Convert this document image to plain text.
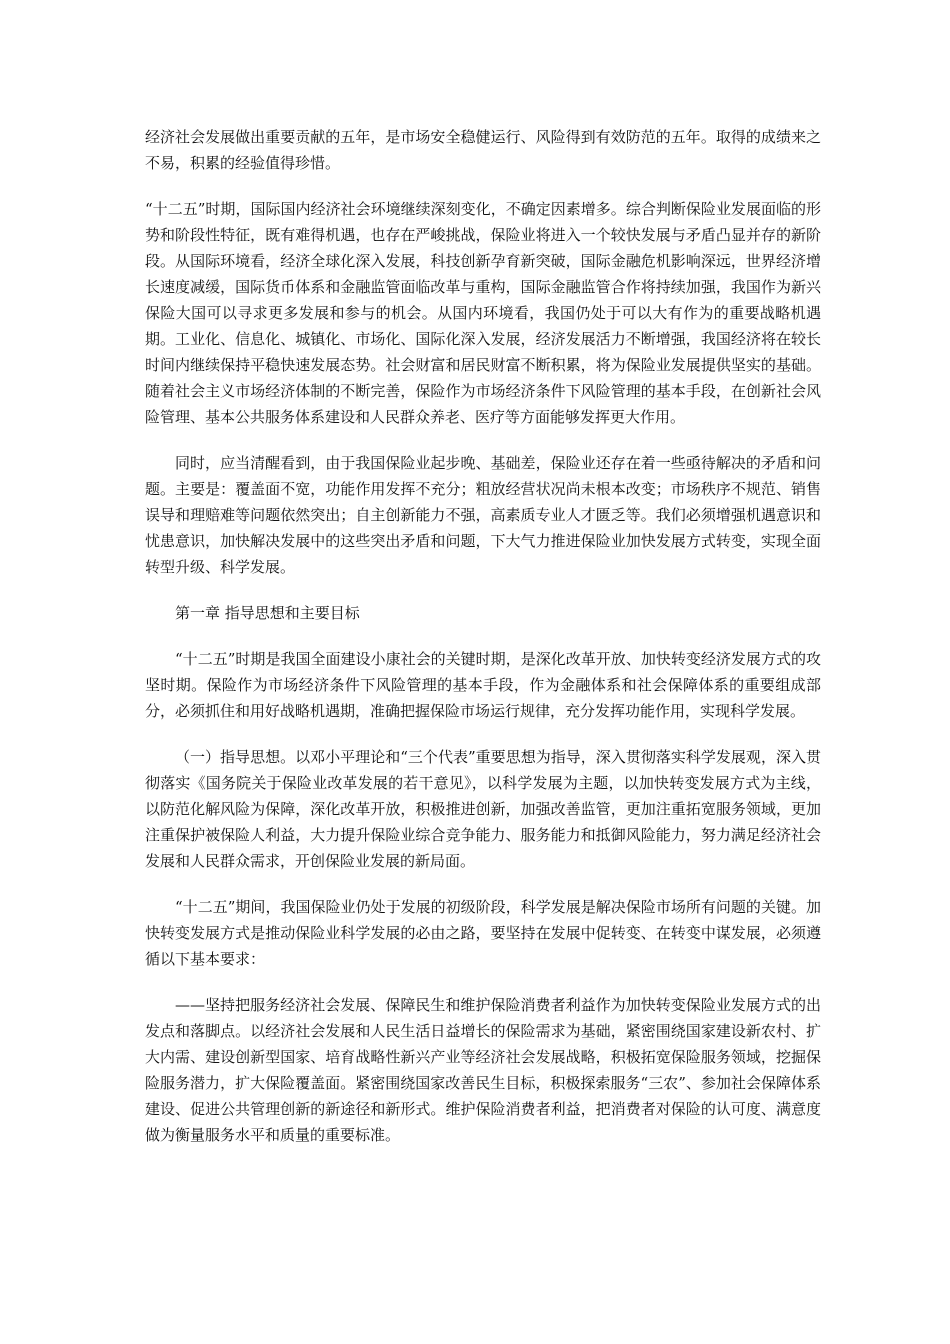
经济社会发展做出重要贡献的五年，是市场安全稳健运行、风险得到有效防范的五年。取得的成绩来之不易，积累的经验值得珍惜。

“十二五”时期，国际国内经济社会环境继续深刻变化，不确定因素增多。综合判断保险业发展面临的形势和阶段性特征，既有难得机遇，也存在严峻挑战，保险业将进入一个较快发展与矛盾凸显并存的新阶段。从国际环境看，经济全球化深入发展，科技创新孕育新突破，国际金融危机影响深远，世界经济增长速度减缓，国际货币体系和金融监管面临改革与重构，国际金融监管合作将持续加强，我国作为新兴保险大国可以寻求更多发展和参与的机会。从国内环境看，我国仍处于可以大有作为的重要战略机遇期。工业化、信息化、城镇化、市场化、国际化深入发展，经济发展活力不断增强，我国经济将在较长时间内继续保持平稳快速发展态势。社会财富和居民财富不断积累，将为保险业发展提供坚实的基础。随着社会主义市场经济体制的不断完善，保险作为市场经济条件下风险管理的基本手段，在创新社会风险管理、基本公共服务体系建设和人民群众养老、医疗等方面能够发挥更大作用。

同时，应当清醒看到，由于我国保险业起步晚、基础差，保险业还存在着一些亟待解决的矛盾和问题。主要是：覆盖面不宽，功能作用发挥不充分；粗放经营状况尚未根本改变；市场秩序不规范、销售误导和理赔难等问题依然突出；自主创新能力不强，高素质专业人才匮乏等。我们必须增强机遇意识和忧患意识，加快解决发展中的这些突出矛盾和问题，下大气力推进保险业加快发展方式转变，实现全面转型升级、科学发展。

第一章 指导思想和主要目标

“十二五”时期是我国全面建设小康社会的关键时期，是深化改革开放、加快转变经济发展方式的攻坚时期。保险作为市场经济条件下风险管理的基本手段，作为金融体系和社会保障体系的重要组成部分，必须抓住和用好战略机遇期，准确把握保险市场运行规律，充分发挥功能作用，实现科学发展。

（一）指导思想。以邓小平理论和“三个代表”重要思想为指导，深入贯彻落实科学发展观，深入贯彻落实《国务院关于保险业改革发展的若干意见》，以科学发展为主题，以加快转变发展方式为主线，以防范化解风险为保障，深化改革开放，积极推进创新，加强改善监管，更加注重拓宽服务领域，更加注重保护被保险人利益，大力提升保险业综合竞争能力、服务能力和抵御风险能力，努力满足经济社会发展和人民群众需求，开创保险业发展的新局面。

“十二五”期间，我国保险业仍处于发展的初级阶段，科学发展是解决保险市场所有问题的关键。加快转变发展方式是推动保险业科学发展的必由之路，要坚持在发展中促转变、在转变中谋发展，必须遵循以下基本要求：

——坚持把服务经济社会发展、保障民生和维护保险消费者利益作为加快转变保险业发展方式的出发点和落脚点。以经济社会发展和人民生活日益增长的保险需求为基础，紧密围绕国家建设新农村、扩大内需、建设创新型国家、培育战略性新兴产业等经济社会发展战略，积极拓宽保险服务领域，挖掘保险服务潜力，扩大保险覆盖面。紧密围绕国家改善民生目标，积极探索服务“三农”、参加社会保障体系建设、促进公共管理创新的新途径和新形式。维护保险消费者利益，把消费者对保险的认可度、满意度做为衡量服务水平和质量的重要标准。
